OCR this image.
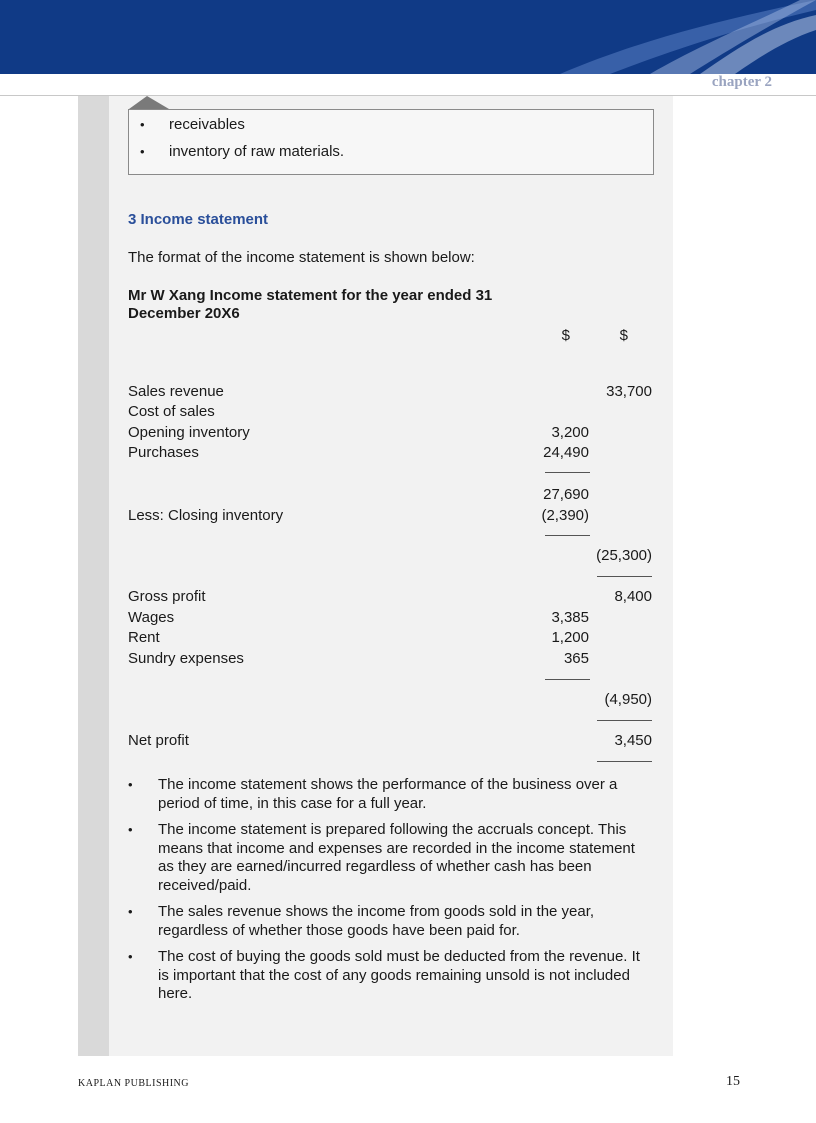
chapter 2
• receivables
• inventory of raw materials.
3 Income statement
The format of the income statement is shown below:
Mr W Xang Income statement for the year ended 31 December 20X6
$	$
Sales revenue	33,700
Cost of sales
Opening inventory	3,200
Purchases	24,490
27,690
Less: Closing inventory	(2,390)
(25,300)
Gross profit	8,400
Wages	3,385
Rent	1,200
Sundry expenses	365
(4,950)
Net profit	3,450
• The income statement shows the performance of the business over a period of time, in this case for a full year.
• The income statement is prepared following the accruals concept. This means that income and expenses are recorded in the income statement as they are earned/incurred regardless of whether cash has been received/paid.
• The sales revenue shows the income from goods sold in the year, regardless of whether those goods have been paid for.
• The cost of buying the goods sold must be deducted from the revenue. It is important that the cost of any goods remaining unsold is not included here.
KAPLAN PUBLISHING	15
